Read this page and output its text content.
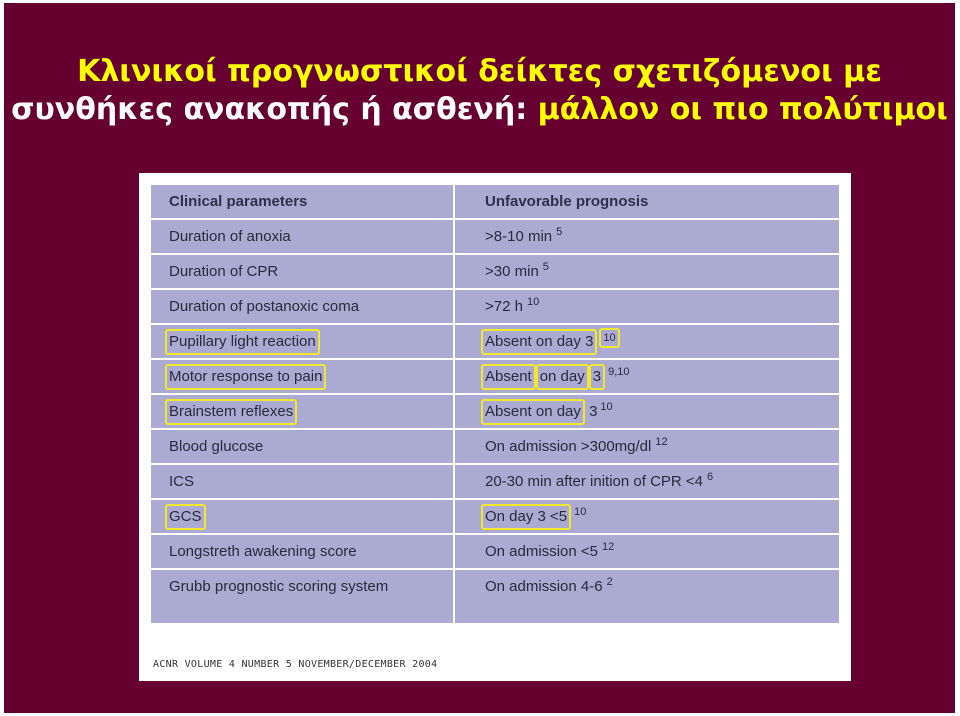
Κλινικοί προγνωστικοί δείκτες σχετιζόμενοι με
συνθήκες ανακοπής ή ασθενή: μάλλον οι πιο πολύτιμοι
Clinical parameters	Unfavorable prognosis
Duration of anoxia	>8-10 min $^5$
Duration of CPR	>30 min $^5$
Duration of postanoxic coma	>72 h $^{10}$
Pupillary light reaction	Absent on day 3 10
Motor response to pain	Absenton day 3 $^{9,10}$
Brainstem reflexes	Absent on day 3 $^{10}$
Blood glucose	On admission >300mg/dl $^{12}$
ICS	20-30 min after inition of CPR <4 $^6$
GCS	On day 3 <5 $^{10}$
Longstreth awakening score	On admission <5 $^{12}$
Grubb prognostic scoring system	On admission 4-6 $^2$
ACNR VOLUME 4 NUMBER 5 NOVEMBER/DECEMBER 2004
